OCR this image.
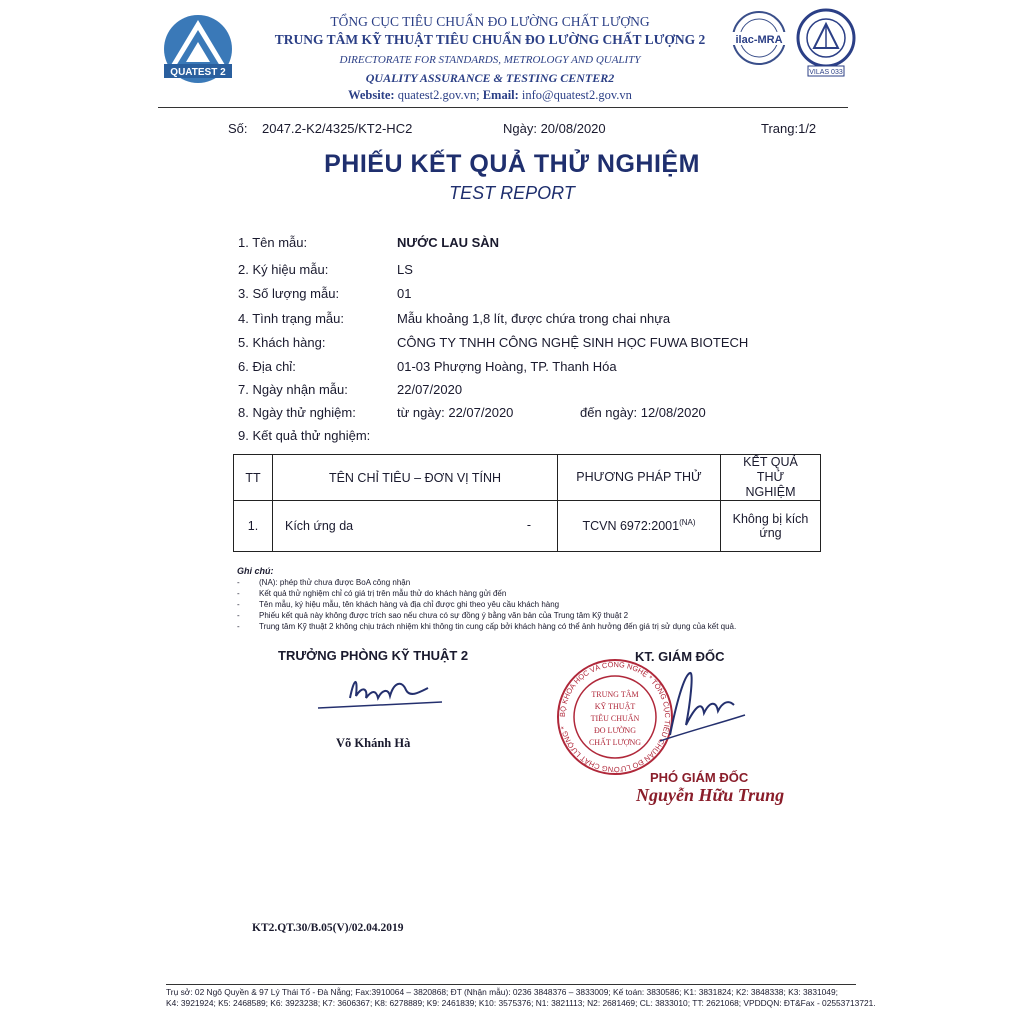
QUATEST 2
TỔNG CỤC TIÊU CHUẨN ĐO LƯỜNG CHẤT LƯỢNG
TRUNG TÂM KỸ THUẬT TIÊU CHUẨN ĐO LƯỜNG CHẤT LƯỢNG 2
DIRECTORATE FOR STANDARDS, METROLOGY AND QUALITY
QUALITY ASSURANCE & TESTING CENTER2
Website: quatest2.gov.vn; Email: info@quatest2.gov.vn
ilac-MRA
VILAS 033
Số: 2047.2-K2/4325/KT2-HC2	Ngày: 20/08/2020	Trang:1/2
PHIẾU KẾT QUẢ THỬ NGHIỆM
TEST REPORT
1. Tên mẫu:	NƯỚC LAU SÀN
2. Ký hiệu mẫu:	LS
3. Số lượng mẫu:	01
4. Tình trạng mẫu:	Mẫu khoảng 1,8 lít, được chứa trong chai nhựa
5. Khách hàng:	CÔNG TY TNHH CÔNG NGHỆ SINH HỌC FUWA BIOTECH
6. Địa chỉ:	01-03 Phượng Hoàng, TP. Thanh Hóa
7. Ngày nhận mẫu:	22/07/2020
8. Ngày thử nghiệm:	từ ngày: 22/07/2020	đến ngày: 12/08/2020
9. Kết quả thử nghiệm:
TT	TÊN CHỈ TIÊU – ĐƠN VỊ TÍNH	PHƯƠNG PHÁP THỬ	KẾT QUẢ THỬ NGHIỆM
1.	Kích ứng da -	TCVN $6972:2001^{(NA)}$	Không bị kích ứng
Ghi chú:
- (NA): phép thử chưa được BoA công nhận
- Kết quả thử nghiệm chỉ có giá trị trên mẫu thử do khách hàng gửi đến
- Tên mẫu, ký hiệu mẫu, tên khách hàng và địa chỉ được ghi theo yêu cầu khách hàng
- Phiếu kết quả này không được trích sao nếu chưa có sự đồng ý bằng văn bản của Trung tâm Kỹ thuật 2
- Trung tâm Kỹ thuật 2 không chịu trách nhiệm khi thông tin cung cấp bởi khách hàng có thể ảnh hưởng đến giá trị sử dụng của kết quả.
TRƯỞNG PHÒNG KỸ THUẬT 2
Võ Khánh Hà
BỘ KHOA HỌC VÀ CÔNG NGHỆ * TỔNG CỤC TIÊU CHUẨN ĐO LƯỜNG CHẤT LƯỢNG *
TRUNG TÂM
KỸ THUẬT
TIÊU CHUẨN
ĐO LƯỜNG
CHẤT LƯỢNG
KT. GIÁM ĐỐC
PHÓ GIÁM ĐỐC
Nguyễn Hữu Trung
KT2.QT.30/B.05(V)/02.04.2019
Trụ sở: 02 Ngô Quyền & 97 Lý Thái Tổ - Đà Nẵng; Fax:3910064 – 3820868; ĐT (Nhận mẫu): 0236 3848376 – 3833009; Kế toán: 3830586; K1: 3831824; K2: 3848338; K3: 3831049;
K4: 3921924; K5: 2468589; K6: 3923238; K7: 3606367; K8: 6278889; K9: 2461839; K10: 3575376; N1: 3821113; N2: 2681469; CL: 3833010; TT: 2621068; VPDDQN: ĐT&Fax - 02553713721.
